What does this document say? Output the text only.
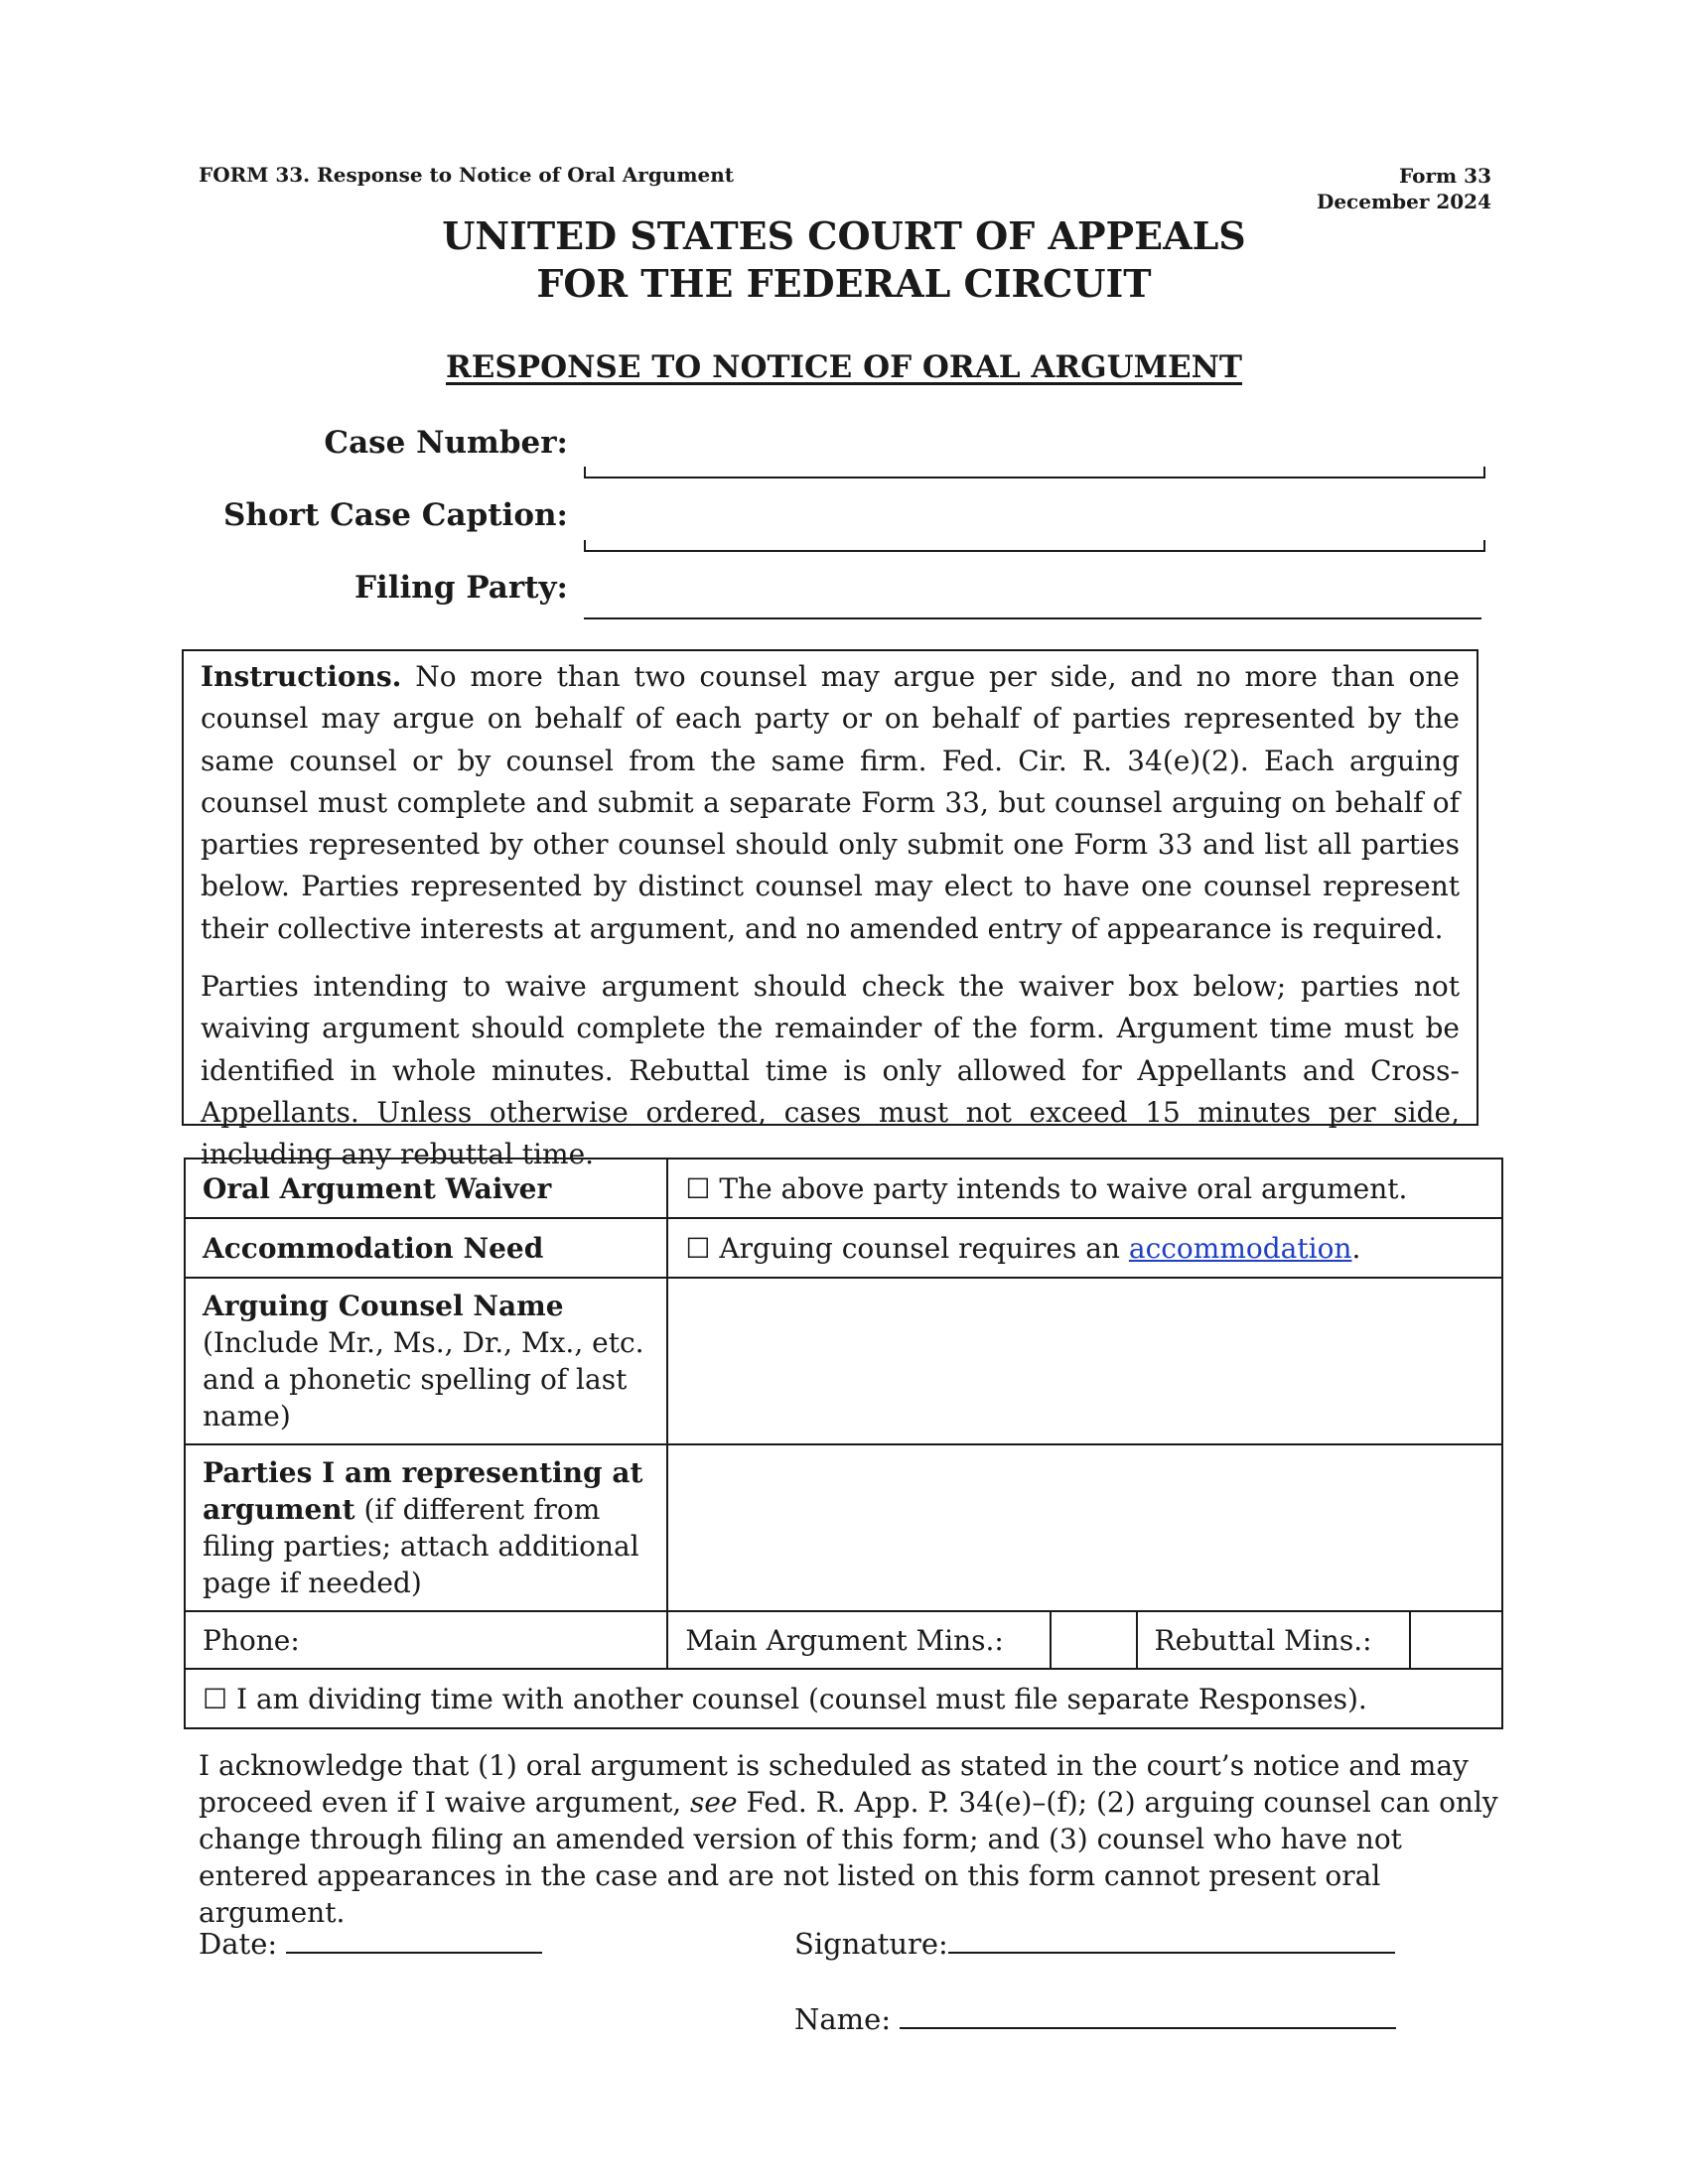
FORM 33. Response to Notice of Oral Argument	Form 33
December 2024
UNITED STATES COURT OF APPEALS
FOR THE FEDERAL CIRCUIT
RESPONSE TO NOTICE OF ORAL ARGUMENT
Case Number:
Short Case Caption:
Filing Party:

Instructions. No more than two counsel may argue per side, and no more than one counsel may argue on behalf of each party or on behalf of parties represented by the same counsel or by counsel from the same firm. Fed. Cir. R. 34(e)(2). Each arguing counsel must complete and submit a separate Form 33, but counsel arguing on behalf of parties represented by other counsel should only submit one Form 33 and list all parties below. Parties represented by distinct counsel may elect to have one counsel represent their collective interests at argument, and no amended entry of appearance is required.

Parties intending to waive argument should check the waiver box below; parties not waiving argument should complete the remainder of the form. Argument time must be identified in whole minutes. Rebuttal time is only allowed for Appellants and Cross-Appellants. Unless otherwise ordered, cases must not exceed 15 minutes per side, including any rebuttal time.

Oral Argument Waiver	☐ The above party intends to waive oral argument.			
Accommodation Need	☐ Arguing counsel requires an accommodation.			

Arguing Counsel Name
(Include Mr., Ms., Dr., Mx., etc. and a phonetic spelling of last name)				

Parties I am representing at argument (if different from filing parties; attach additional page if needed)				
Phone:	Main Argument Mins.:		Rebuttal Mins.:	
☐ I am dividing time with another counsel (counsel must file separate Responses).				
I acknowledge that (1) oral argument is scheduled as stated in the court’s notice and may proceed even if I waive argument, see Fed. R. App. P. 34(e)–(f); (2) arguing counsel can only change through filing an amended version of this form; and (3) counsel who have not entered appearances in the case and are not listed on this form cannot present oral argument.
Date:	Signature:
Name:
